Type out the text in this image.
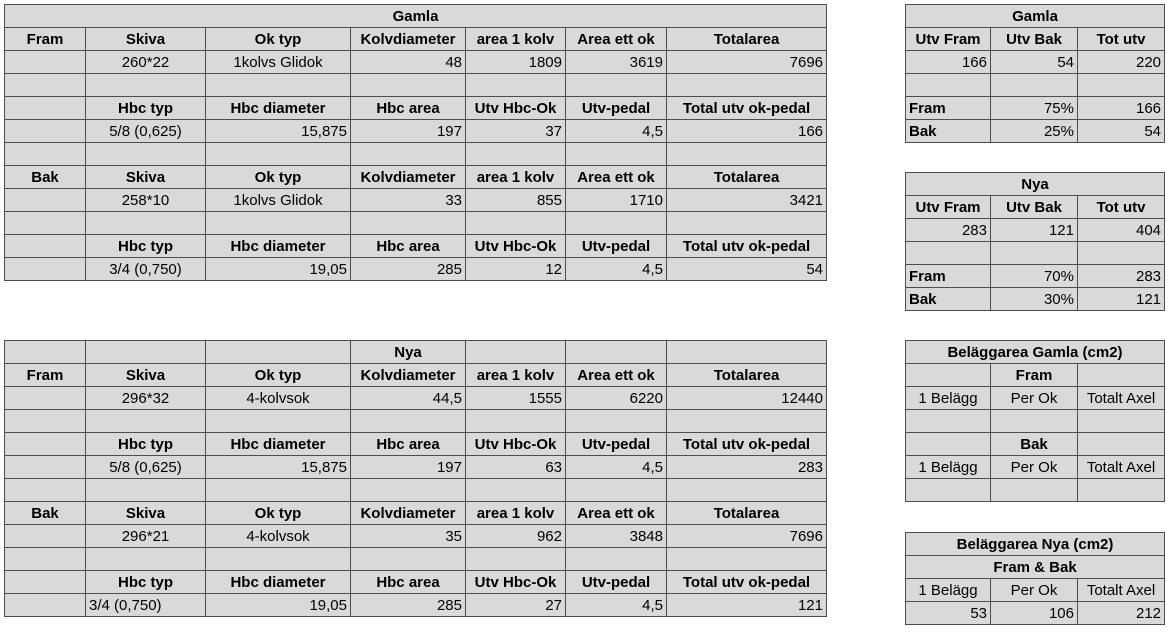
Gamla						
Fram	Skiva	Ok typ	Kolvdiameter	area 1 kolv	Area ett ok	Totalarea
	260*22	1kolvs Glidok	48	1809	3619	7696

	Hbc typ	Hbc diameter	Hbc area	Utv Hbc-Ok	Utv-pedal	Total utv ok-pedal
	5/8 (0,625)	15,875	197	37	4,5	166

Bak	Skiva	Ok typ	Kolvdiameter	area 1 kolv	Area ett ok	Totalarea
	258*10	1kolvs Glidok	33	855	1710	3421

	Hbc typ	Hbc diameter	Hbc area	Utv Hbc-Ok	Utv-pedal	Total utv ok-pedal
	3/4 (0,750)	19,05	285	12	4,5	54
			Nya			
Fram	Skiva	Ok typ	Kolvdiameter	area 1 kolv	Area ett ok	Totalarea
	296*32	4-kolvsok	44,5	1555	6220	12440

	Hbc typ	Hbc diameter	Hbc area	Utv Hbc-Ok	Utv-pedal	Total utv ok-pedal
	5/8 (0,625)	15,875	197	63	4,5	283

Bak	Skiva	Ok typ	Kolvdiameter	area 1 kolv	Area ett ok	Totalarea
	296*21	4-kolvsok	35	962	3848	7696

	Hbc typ	Hbc diameter	Hbc area	Utv Hbc-Ok	Utv-pedal	Total utv ok-pedal
	3/4 (0,750)	19,05	285	27	4,5	121
Gamla		
Utv Fram	Utv Bak	Tot utv
166	54	220

Fram	75%	166
Bak	25%	54
Nya		
Utv Fram	Utv Bak	Tot utv
283	121	404

Fram	70%	283
Bak	30%	121
Beläggarea Gamla (cm2)		
	Fram	
1 Belägg	Per Ok	Totalt Axel

	Bak	
1 Belägg	Per Ok	Totalt Axel

Beläggarea Nya (cm2)		
Fram & Bak		
1 Belägg	Per Ok	Totalt Axel
53	106	212
